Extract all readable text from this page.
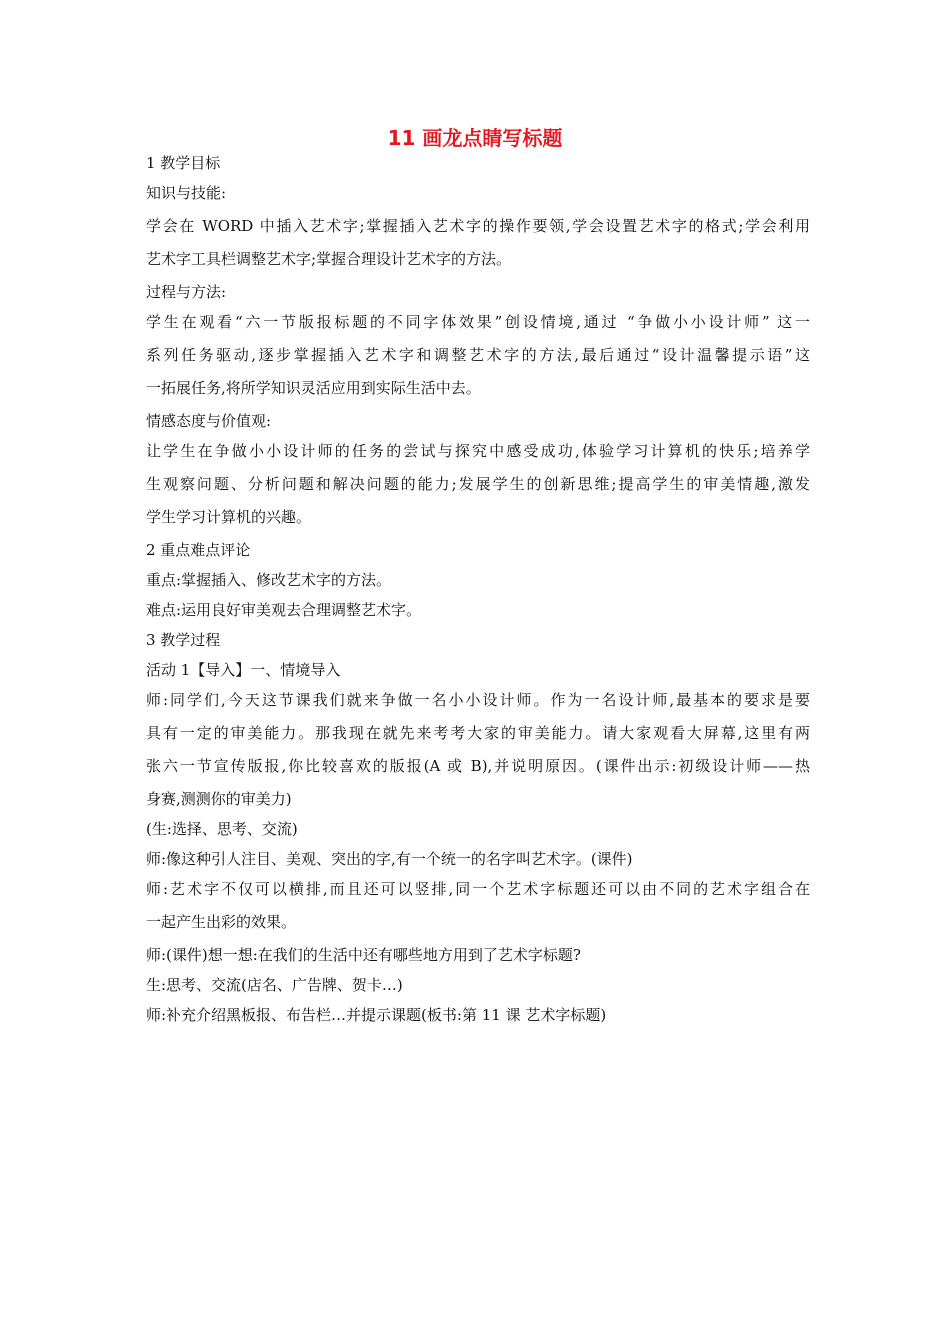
11 画龙点睛写标题
1 教学目标
知识与技能:
学会在 WORD 中插入艺术字;掌握插入艺术字的操作要领,学会设置艺术字的格式;学会利用
艺术字工具栏调整艺术字;掌握合理设计艺术字的方法。
过程与方法:
学生在观看“六一节版报标题的不同字体效果”创设情境,通过 “争做小小设计师” 这一
系列任务驱动,逐步掌握插入艺术字和调整艺术字的方法,最后通过“设计温馨提示语”这
一拓展任务,将所学知识灵活应用到实际生活中去。
情感态度与价值观:
让学生在争做小小设计师的任务的尝试与探究中感受成功,体验学习计算机的快乐;培养学
生观察问题、分析问题和解决问题的能力;发展学生的创新思维;提高学生的审美情趣,激发
学生学习计算机的兴趣。
2 重点难点评论
重点:掌握插入、修改艺术字的方法。
难点:运用良好审美观去合理调整艺术字。
3 教学过程
活动 1【导入】一、情境导入
师:同学们,今天这节课我们就来争做一名小小设计师。作为一名设计师,最基本的要求是要
具有一定的审美能力。那我现在就先来考考大家的审美能力。请大家观看大屏幕,这里有两
张六一节宣传版报,你比较喜欢的版报(A 或 B),并说明原因。(课件出示:初级设计师——热
身赛,测测你的审美力)
(生:选择、思考、交流)
师:像这种引人注目、美观、突出的字,有一个统一的名字叫艺术字。(课件)
师:艺术字不仅可以横排,而且还可以竖排,同一个艺术字标题还可以由不同的艺术字组合在
一起产生出彩的效果。
师:(课件)想一想:在我们的生活中还有哪些地方用到了艺术字标题?
生:思考、交流(店名、广告牌、贺卡…)
师:补充介绍黑板报、布告栏…并提示课题(板书:第 11 课 艺术字标题)
